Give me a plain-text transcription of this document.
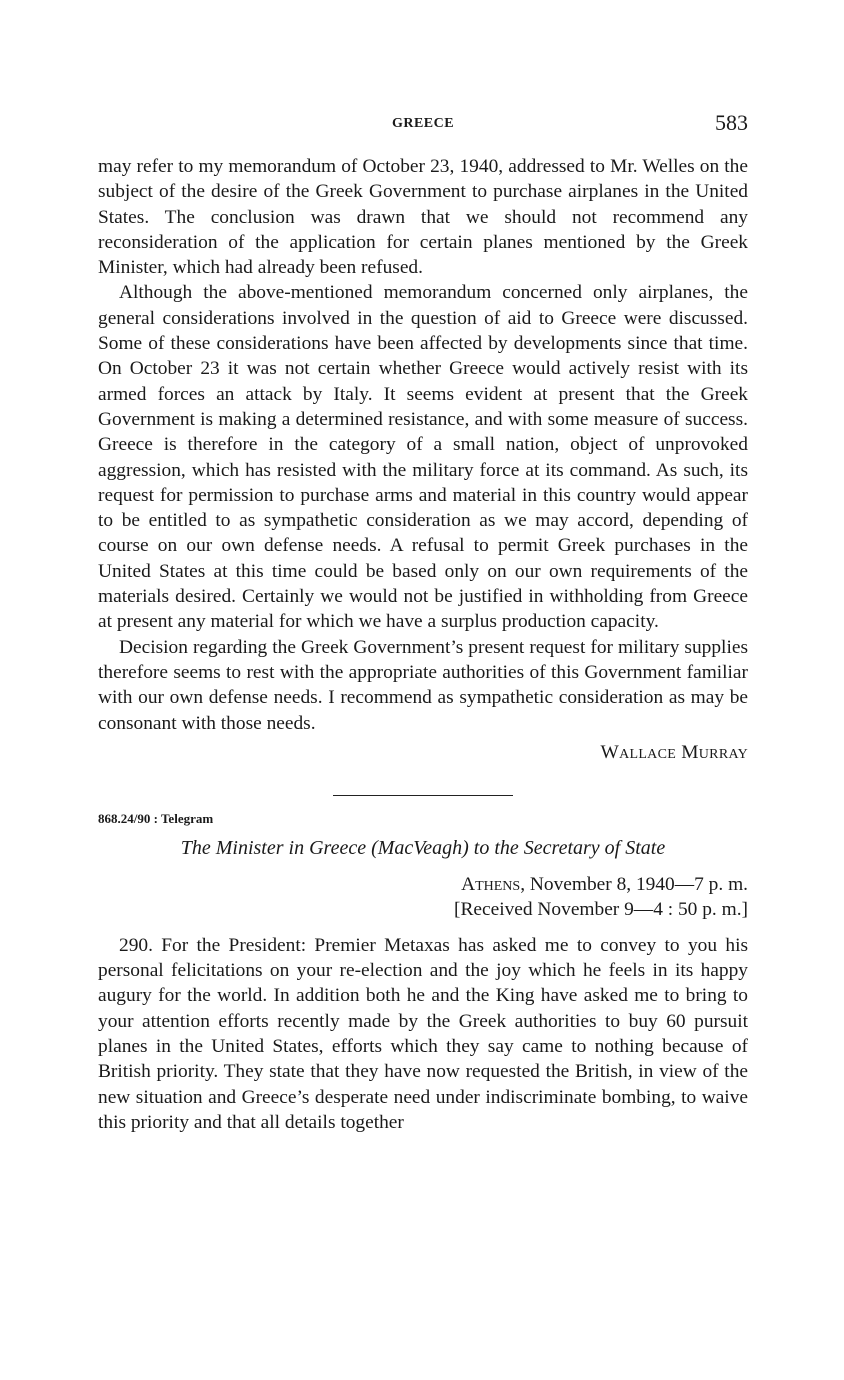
GREECE	583

may refer to my memorandum of October 23, 1940, addressed to Mr. Welles on the subject of the desire of the Greek Government to purchase airplanes in the United States. The conclusion was drawn that we should not recommend any reconsideration of the application for certain planes mentioned by the Greek Minister, which had already been refused.

Although the above-mentioned memorandum concerned only airplanes, the general considerations involved in the question of aid to Greece were discussed. Some of these considerations have been affected by developments since that time. On October 23 it was not certain whether Greece would actively resist with its armed forces an attack by Italy. It seems evident at present that the Greek Government is making a determined resistance, and with some measure of success. Greece is therefore in the category of a small nation, object of unprovoked aggression, which has resisted with the military force at its command. As such, its request for permission to purchase arms and material in this country would appear to be entitled to as sympathetic consideration as we may accord, depending of course on our own defense needs. A refusal to permit Greek purchases in the United States at this time could be based only on our own requirements of the materials desired. Certainly we would not be justified in withholding from Greece at present any material for which we have a surplus production capacity.

Decision regarding the Greek Government’s present request for military supplies therefore seems to rest with the appropriate authorities of this Government familiar with our own defense needs. I recommend as sympathetic consideration as may be consonant with those needs.

Wallace Murray

868.24/90 : Telegram

The Minister in Greece (MacVeagh) to the Secretary of State

Athens, November 8, 1940—7 p. m.

[Received November 9—4 : 50 p. m.]

290. For the President: Premier Metaxas has asked me to convey to you his personal felicitations on your re-election and the joy which he feels in its happy augury for the world. In addition both he and the King have asked me to bring to your attention efforts recently made by the Greek authorities to buy 60 pursuit planes in the United States, efforts which they say came to nothing because of British priority. They state that they have now requested the British, in view of the new situation and Greece’s desperate need under indiscriminate bombing, to waive this priority and that all details together
